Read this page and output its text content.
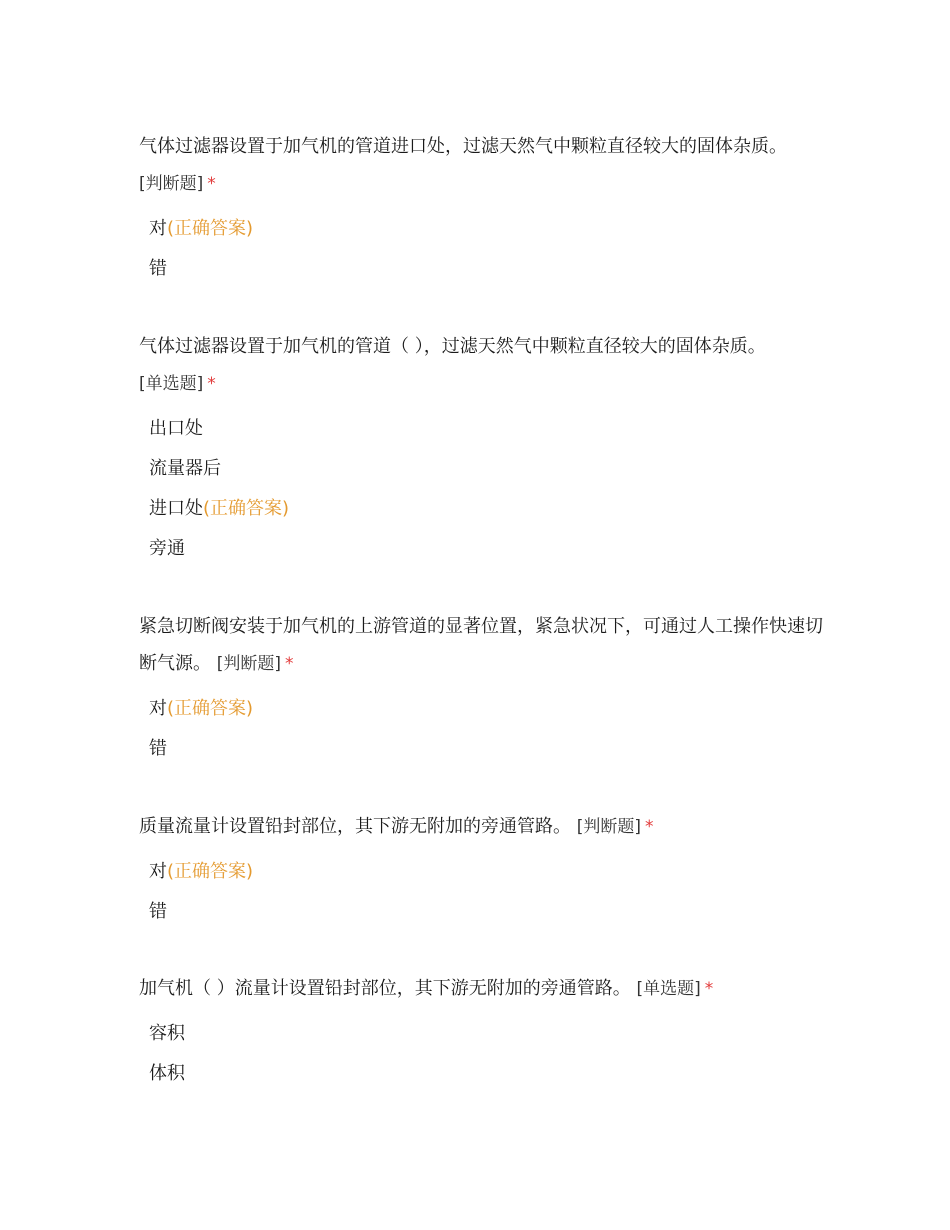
气体过滤器设置于加气机的管道进口处，过滤天然气中颗粒直径较大的固体杂质。
[判断题] *
对(正确答案)
错
气体过滤器设置于加气机的管道（ ），过滤天然气中颗粒直径较大的固体杂质。
[单选题] *
出口处
流量器后
进口处(正确答案)
旁通
紧急切断阀安装于加气机的上游管道的显著位置，紧急状况下，可通过人工操作快速切断气源。 [判断题] *
对(正确答案)
错
质量流量计设置铅封部位，其下游无附加的旁通管路。 [判断题] *
对(正确答案)
错
加气机（ ）流量计设置铅封部位，其下游无附加的旁通管路。 [单选题] *
容积
体积
